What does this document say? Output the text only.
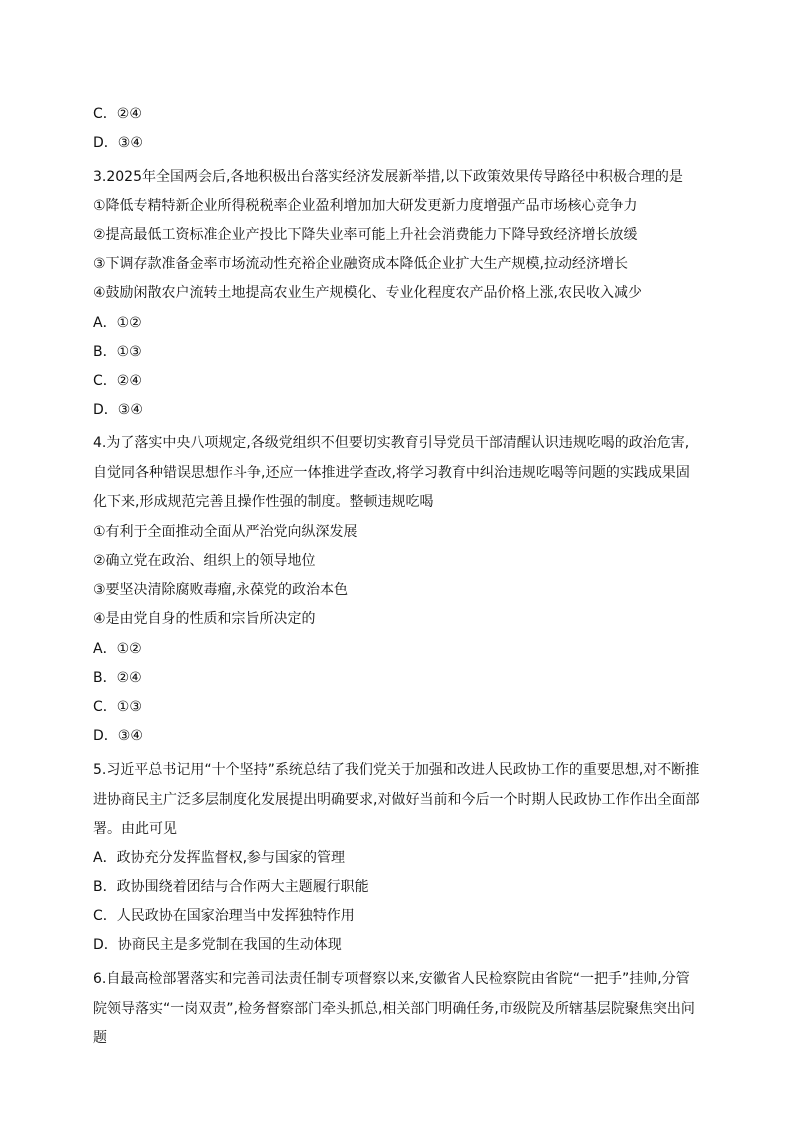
C．②④
D．③④
3.2025年全国两会后,各地积极出台落实经济发展新举措,以下政策效果传导路径中积极合理的是
①降低专精特新企业所得税税率企业盈利增加加大研发更新力度增强产品市场核心竞争力
②提高最低工资标准企业产投比下降失业率可能上升社会消费能力下降导致经济增长放缓
③下调存款准备金率市场流动性充裕企业融资成本降低企业扩大生产规模,拉动经济增长
④鼓励闲散农户流转土地提高农业生产规模化、专业化程度农产品价格上涨,农民收入减少
A．①②
B．①③
C．②④
D．③④
4.为了落实中央八项规定,各级党组织不但要切实教育引导党员干部清醒认识违规吃喝的政治危害,自觉同各种错误思想作斗争,还应一体推进学查改,将学习教育中纠治违规吃喝等问题的实践成果固化下来,形成规范完善且操作性强的制度。整顿违规吃喝
①有利于全面推动全面从严治党向纵深发展
②确立党在政治、组织上的领导地位
③要坚决清除腐败毒瘤,永葆党的政治本色
④是由党自身的性质和宗旨所决定的
A．①②
B．②④
C．①③
D．③④
5.习近平总书记用“十个坚持”系统总结了我们党关于加强和改进人民政协工作的重要思想,对不断推进协商民主广泛多层制度化发展提出明确要求,对做好当前和今后一个时期人民政协工作作出全面部署。由此可见
A．政协充分发挥监督权,参与国家的管理
B．政协围绕着团结与合作两大主题履行职能
C．人民政协在国家治理当中发挥独特作用
D．协商民主是多党制在我国的生动体现
6.自最高检部署落实和完善司法责任制专项督察以来,安徽省人民检察院由省院“一把手”挂帅,分管院领导落实“一岗双责”,检务督察部门牵头抓总,相关部门明确任务,市级院及所辖基层院聚焦突出问题
